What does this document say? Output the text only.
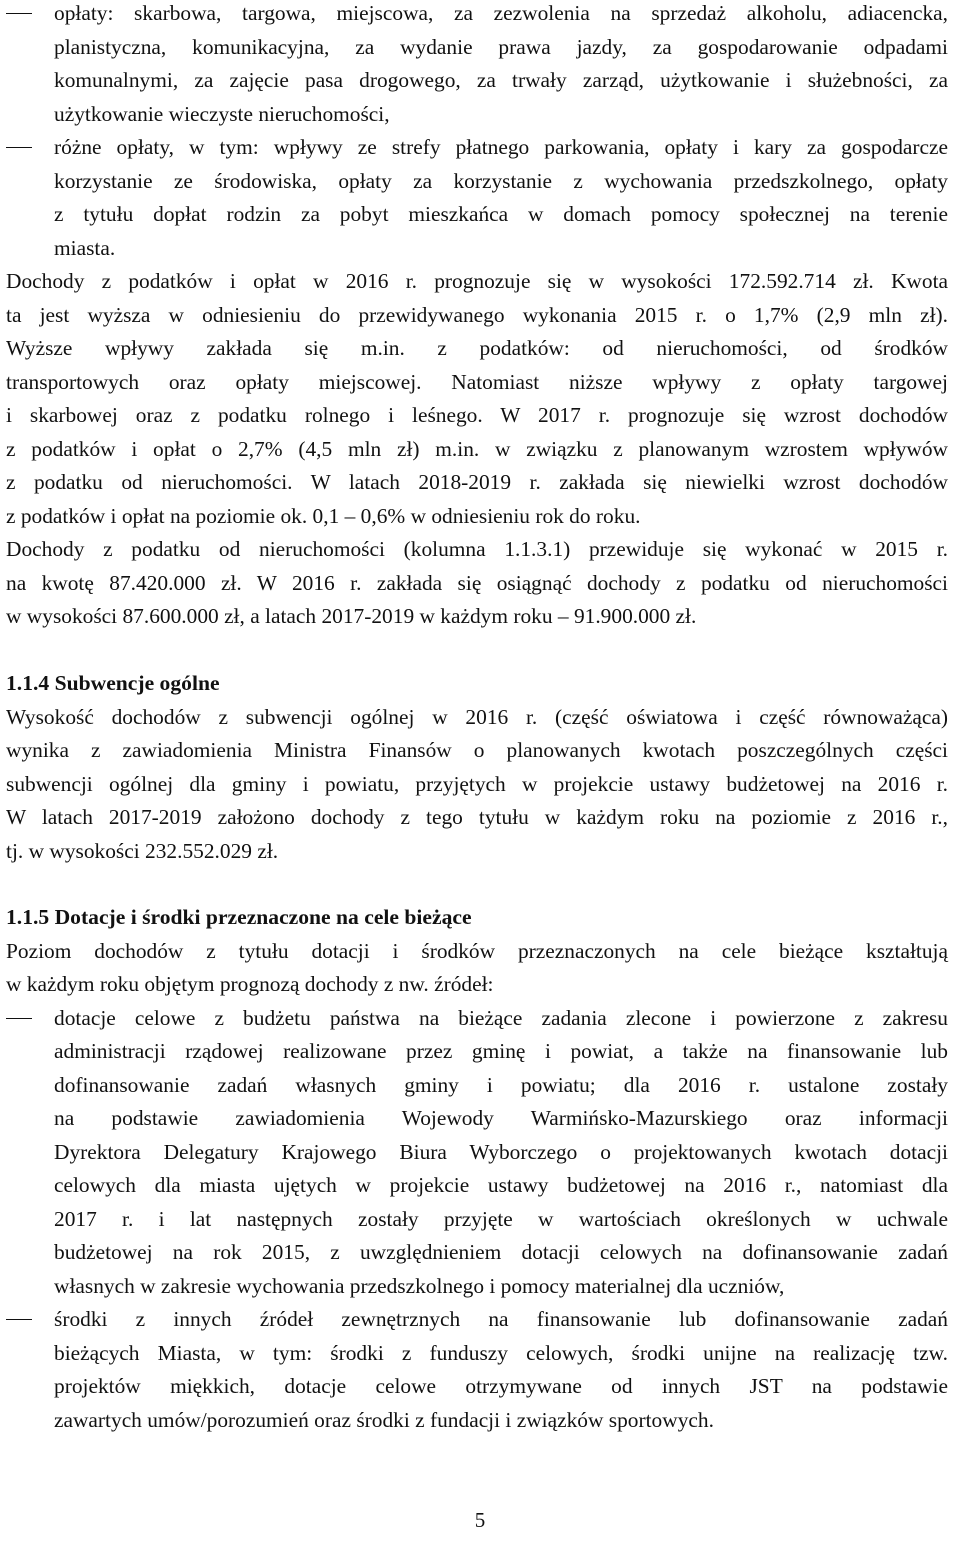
opłaty: skarbowa, targowa, miejscowa, za zezwolenia na sprzedaż alkoholu, adiacencka,
planistyczna, komunikacyjna, za wydanie prawa jazdy, za gospodarowanie odpadami
komunalnymi, za zajęcie pasa drogowego, za trwały zarząd, użytkowanie i służebności, za
użytkowanie wieczyste nieruchomości,
różne opłaty, w tym: wpływy ze strefy płatnego parkowania, opłaty i kary za gospodarcze
korzystanie ze środowiska, opłaty za korzystanie z wychowania przedszkolnego, opłaty
z tytułu dopłat rodzin za pobyt mieszkańca w domach pomocy społecznej na terenie
miasta.
Dochody z podatków i opłat w 2016 r. prognozuje się w wysokości 172.592.714 zł. Kwota
ta jest wyższa w odniesieniu do przewidywanego wykonania 2015 r. o 1,7% (2,9 mln zł).
Wyższe wpływy zakłada się m.in. z podatków: od nieruchomości, od środków
transportowych oraz opłaty miejscowej. Natomiast niższe wpływy z opłaty targowej
i skarbowej oraz z podatku rolnego i leśnego. W 2017 r. prognozuje się wzrost dochodów
z podatków i opłat o 2,7% (4,5 mln zł) m.in. w związku z planowanym wzrostem wpływów
z podatku od nieruchomości. W latach 2018-2019 r. zakłada się niewielki wzrost dochodów
z podatków i opłat na poziomie ok. 0,1 – 0,6% w odniesieniu rok do roku.
Dochody z podatku od nieruchomości (kolumna 1.1.3.1) przewiduje się wykonać w 2015 r.
na kwotę 87.420.000 zł. W 2016 r. zakłada się osiągnąć dochody z podatku od nieruchomości
w wysokości 87.600.000 zł, a latach 2017-2019 w każdym roku – 91.900.000 zł.
1.1.4 Subwencje ogólne
Wysokość dochodów z subwencji ogólnej w 2016 r. (część oświatowa i część równoważąca)
wynika z zawiadomienia Ministra Finansów o planowanych kwotach poszczególnych części
subwencji ogólnej dla gminy i powiatu, przyjętych w projekcie ustawy budżetowej na 2016 r.
W latach 2017-2019 założono dochody z tego tytułu w każdym roku na poziomie z 2016 r.,
tj. w wysokości 232.552.029 zł.
1.1.5 Dotacje i środki przeznaczone na cele bieżące
Poziom dochodów z tytułu dotacji i środków przeznaczonych na cele bieżące kształtują
w każdym roku objętym prognozą dochody z nw. źródeł:
dotacje celowe z budżetu państwa na bieżące zadania zlecone i powierzone z zakresu
administracji rządowej realizowane przez gminę i powiat, a także na finansowanie lub
dofinansowanie zadań własnych gminy i powiatu; dla 2016 r. ustalone zostały
na podstawie zawiadomienia Wojewody Warmińsko-Mazurskiego oraz informacji
Dyrektora Delegatury Krajowego Biura Wyborczego o projektowanych kwotach dotacji
celowych dla miasta ujętych w projekcie ustawy budżetowej na 2016 r., natomiast dla
2017 r. i lat następnych zostały przyjęte w wartościach określonych w uchwale
budżetowej na rok 2015, z uwzględnieniem dotacji celowych na dofinansowanie zadań
własnych w zakresie wychowania przedszkolnego i pomocy materialnej dla uczniów,
środki z innych źródeł zewnętrznych na finansowanie lub dofinansowanie zadań
bieżących Miasta, w tym: środki z funduszy celowych, środki unijne na realizację tzw.
projektów miękkich, dotacje celowe otrzymywane od innych JST na podstawie
zawartych umów/porozumień oraz środki z fundacji i związków sportowych.
5
